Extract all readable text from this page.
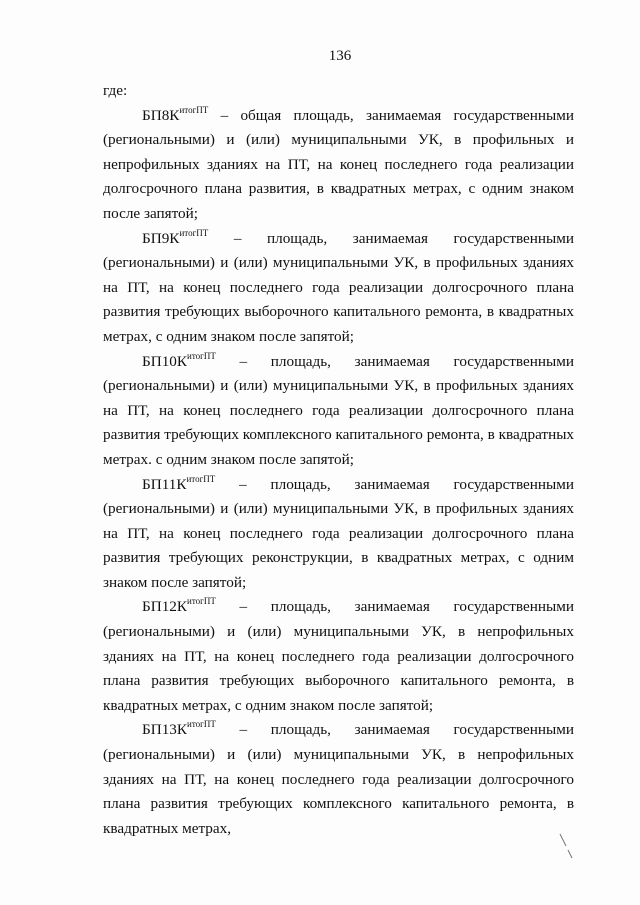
136

где:

$БП8К^{итогПТ}$ – общая площадь, занимаемая государственными
(региональными) и (или) муниципальными УК, в профильных и непрофильных зданиях на ПТ, на конец последнего года реализации долгосрочного плана развития, в квадратных метрах, с одним знаком после запятой;
$БП9К^{итогПТ}$ – площадь, занимаемая государственными
(региональными) и (или) муниципальными УК, в профильных зданиях на ПТ, на конец последнего года реализации долгосрочного плана развития требующих выборочного капитального ремонта, в квадратных метрах, с одним знаком после запятой;
$БП10К^{итогПТ}$ – площадь, занимаемая государственными
(региональными) и (или) муниципальными УК, в профильных зданиях на ПТ, на конец последнего года реализации долгосрочного плана развития требующих комплексного капитального ремонта, в квадратных метрах. с одним знаком после запятой;
$БП11К^{итогПТ}$ – площадь, занимаемая государственными
(региональными) и (или) муниципальными УК, в профильных зданиях на ПТ, на конец последнего года реализации долгосрочного плана развития требующих реконструкции, в квадратных метрах, с одним знаком после запятой;
$БП12К^{итогПТ}$ – площадь, занимаемая государственными
(региональными) и (или) муниципальными УК, в непрофильных зданиях на ПТ, на конец последнего года реализации долгосрочного плана развития требующих выборочного капитального ремонта, в квадратных метрах, с одним знаком после запятой;
$БП13К^{итогПТ}$ – площадь, занимаемая государственными
(региональными) и (или) муниципальными УК, в непрофильных зданиях на ПТ, на конец последнего года реализации долгосрочного плана развития требующих комплексного капитального ремонта, в квадратных метрах,
